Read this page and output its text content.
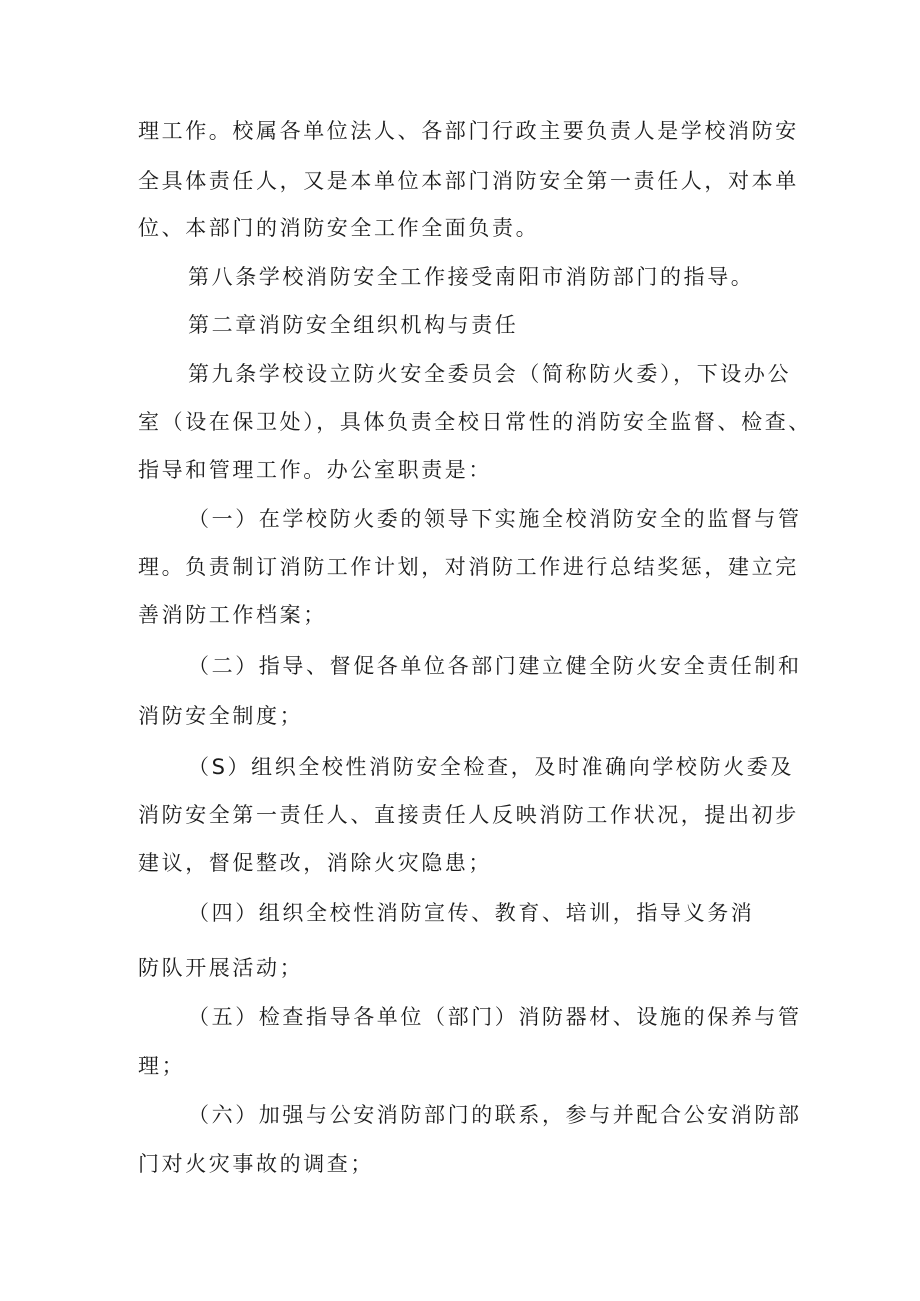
理工作。校属各单位法人、各部门行政主要负责人是学校消防安
全具体责任人，又是本单位本部门消防安全第一责任人，对本单
位、本部门的消防安全工作全面负责。
第八条学校消防安全工作接受南阳市消防部门的指导。
第二章消防安全组织机构与责任
第九条学校设立防火安全委员会（简称防火委），下设办公
室（设在保卫处），具体负责全校日常性的消防安全监督、检查、
指导和管理工作。办公室职责是：
（一）在学校防火委的领导下实施全校消防安全的监督与管
理。负责制订消防工作计划，对消防工作进行总结奖惩，建立完
善消防工作档案；
（二）指导、督促各单位各部门建立健全防火安全责任制和
消防安全制度；
（S）组织全校性消防安全检查，及时准确向学校防火委及
消防安全第一责任人、直接责任人反映消防工作状况，提出初步
建议，督促整改，消除火灾隐患；
（四）组织全校性消防宣传、教育、培训，指导义务消
防队开展活动；
（五）检查指导各单位（部门）消防器材、设施的保养与管
理；
（六）加强与公安消防部门的联系，参与并配合公安消防部
门对火灾事故的调查；
